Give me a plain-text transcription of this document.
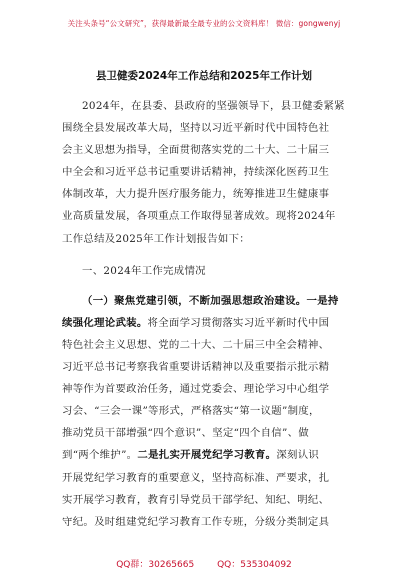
关注头条号“公文研究”，获得最新最全最专业的公文资料库！ 微信：gongwenyj
县卫健委2024年工作总结和2025年工作计划
2024年，在县委、县政府的坚强领导下，县卫健委紧紧
围绕全县发展改革大局，坚持以习近平新时代中国特色社
会主义思想为指导，全面贯彻落实党的二十大、二十届三
中全会和习近平总书记重要讲话精神，持续深化医药卫生
体制改革，大力提升医疗服务能力，统筹推进卫生健康事
业高质量发展，各项重点工作取得显著成效。现将2024年
工作总结及2025年工作计划报告如下：
一、2024年工作完成情况
（一）聚焦党建引领，不断加强思想政治建设。一是持
续强化理论武装。将全面学习贯彻落实习近平新时代中国
特色社会主义思想、党的二十大、二十届三中全会精神、
习近平总书记考察我省重要讲话精神以及重要指示批示精
神等作为首要政治任务，通过党委会、理论学习中心组学
习会、“三会一课”等形式，严格落实“第一议题”制度，
推动党员干部增强“四个意识”、坚定“四个自信”、做
到“两个维护”。二是扎实开展党纪学习教育。深刻认识
开展党纪学习教育的重要意义，坚持高标准、严要求，扎
实开展学习教育，教育引导党员干部学纪、知纪、明纪、
守纪。及时组建党纪学习教育工作专班，分级分类制定具
QQ群：30265665	QQ：535304092
